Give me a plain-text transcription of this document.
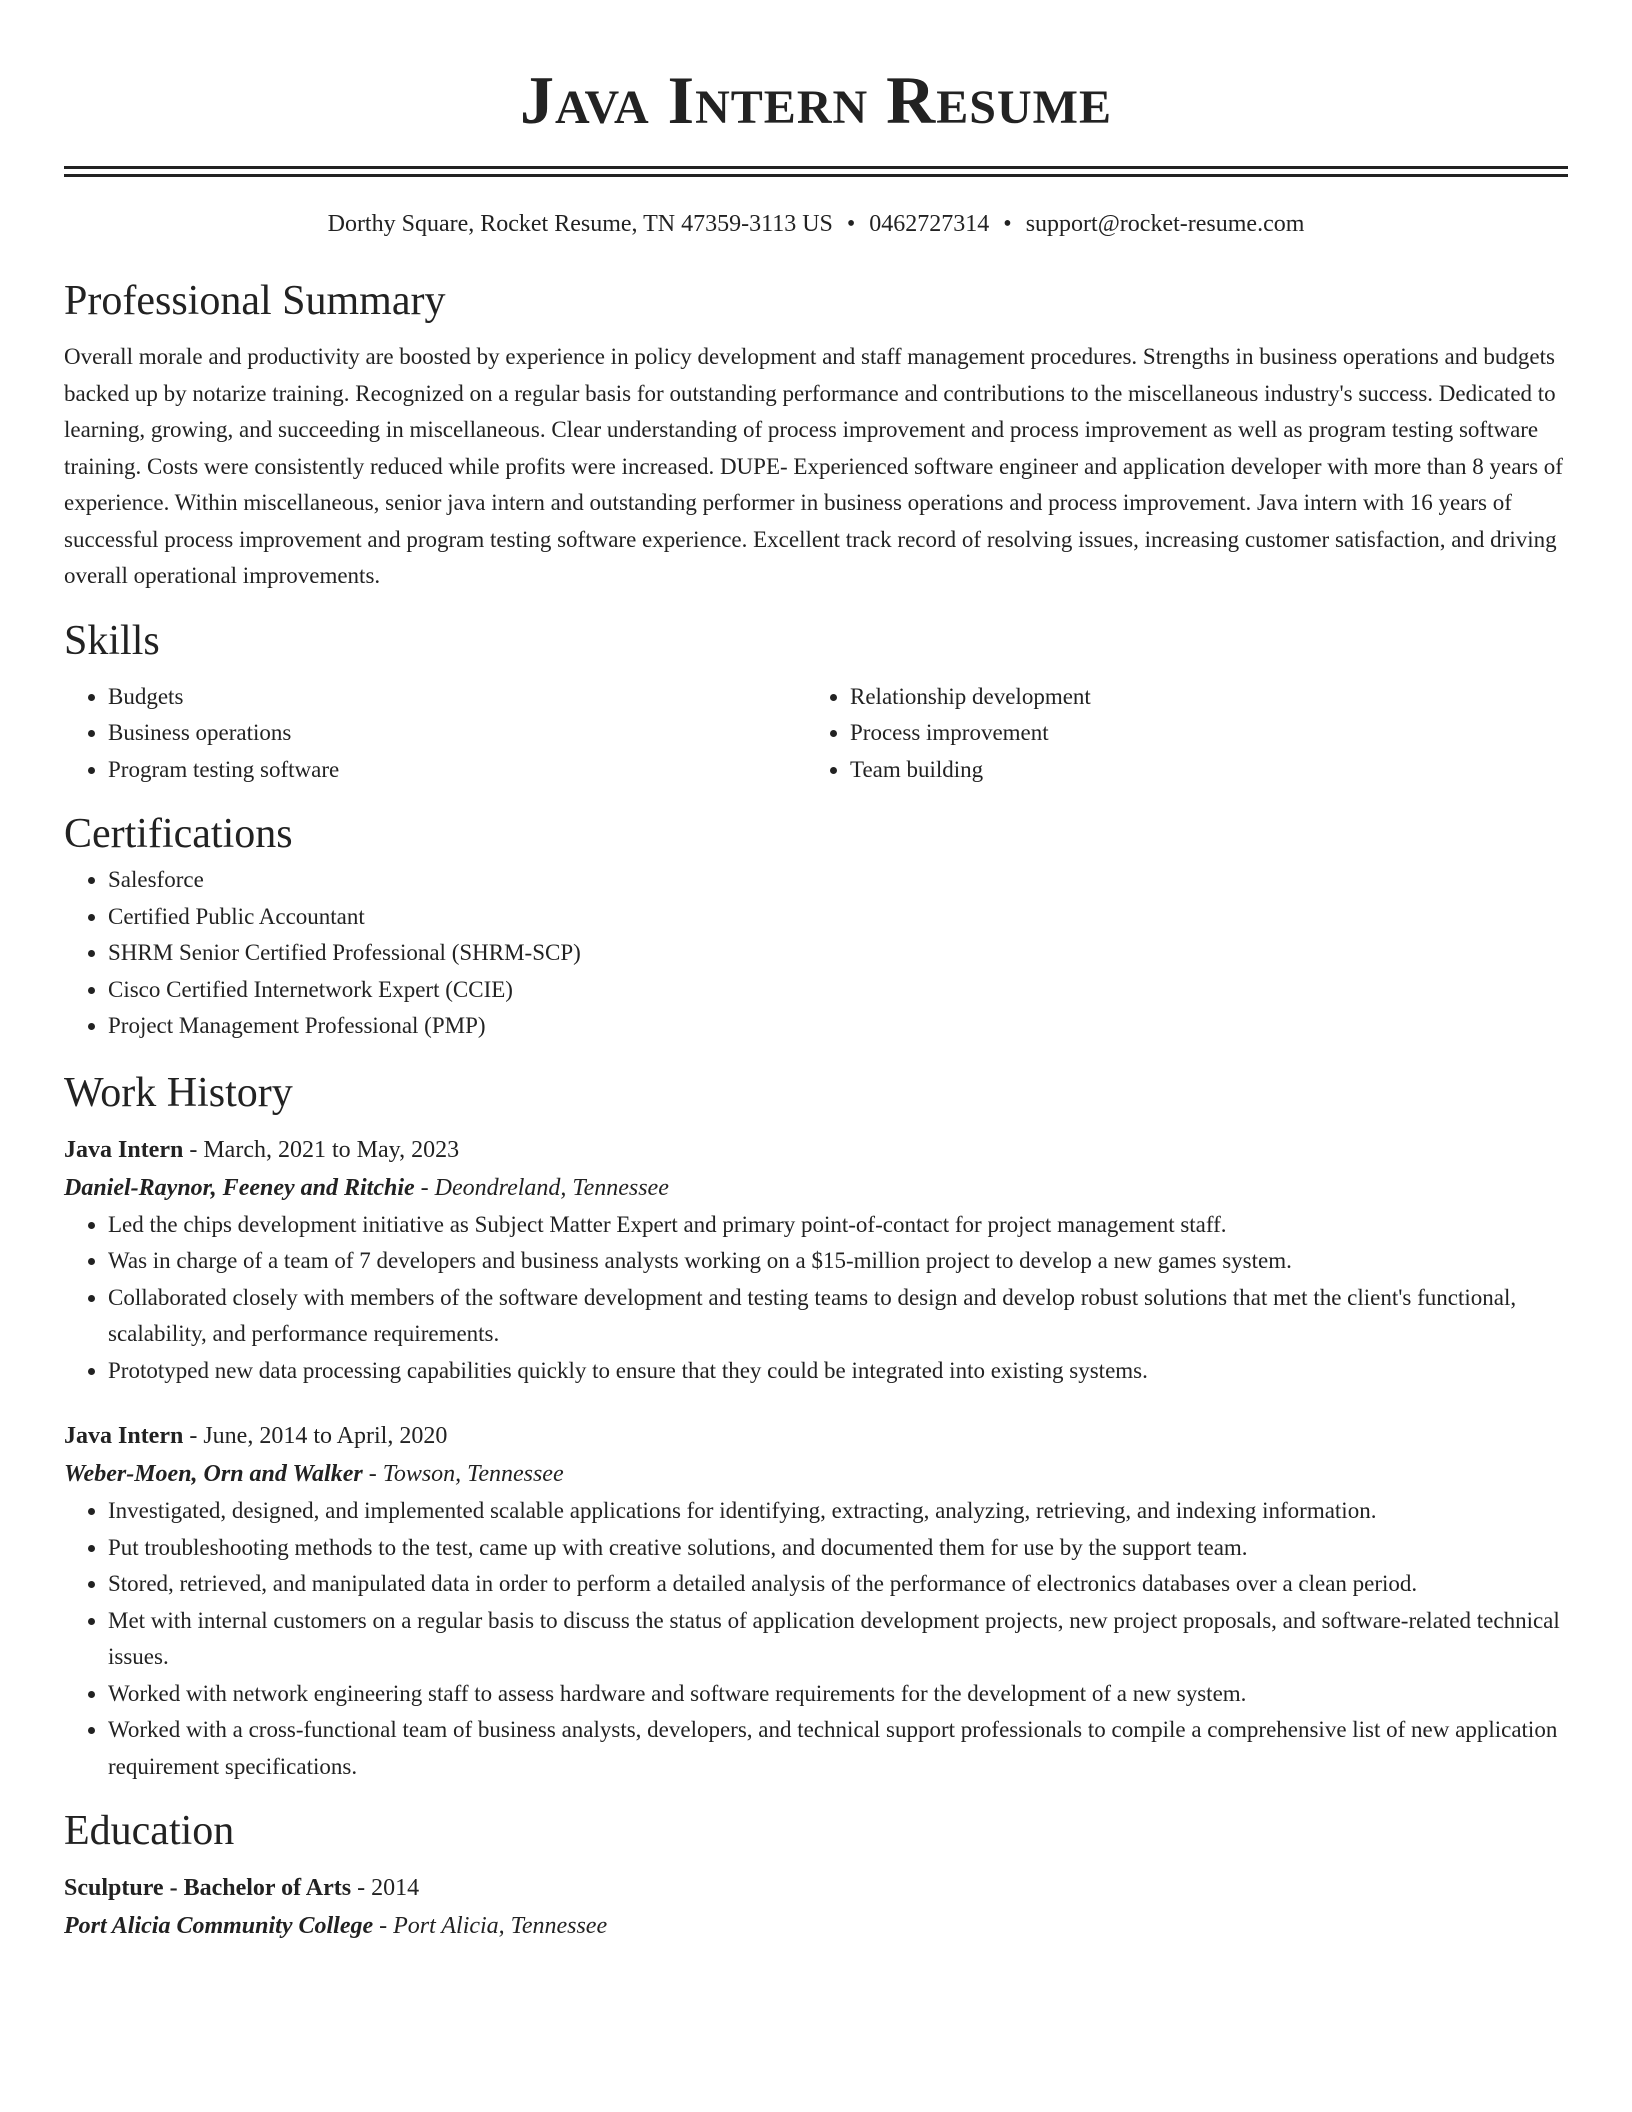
Java Intern Resume
Dorthy Square, Rocket Resume, TN 47359-3113 US • 0462727314 • support@rocket-resume.com
Professional Summary

Overall morale and productivity are boosted by experience in policy development and staff management procedures. Strengths in business operations and budgets backed up by notarize training. Recognized on a regular basis for outstanding performance and contributions to the miscellaneous industry's success. Dedicated to learning, growing, and succeeding in miscellaneous. Clear understanding of process improvement and process improvement as well as program testing software training. Costs were consistently reduced while profits were increased. DUPE- Experienced software engineer and application developer with more than 8 years of experience. Within miscellaneous, senior java intern and outstanding performer in business operations and process improvement. Java intern with 16 years of successful process improvement and program testing software experience. Excellent track record of resolving issues, increasing customer satisfaction, and driving overall operational improvements.

Skills
• Budgets
• Business operations
• Program testing software
• Relationship development
• Process improvement
• Team building
Certifications
• Salesforce
• Certified Public Accountant
• SHRM Senior Certified Professional (SHRM-SCP)
• Cisco Certified Internetwork Expert (CCIE)
• Project Management Professional (PMP)
Work History
Java Intern - March, 2021 to May, 2023
Daniel-Raynor, Feeney and Ritchie - Deondreland, Tennessee
• Led the chips development initiative as Subject Matter Expert and primary point-of-contact for project management staff.
• Was in charge of a team of 7 developers and business analysts working on a $15-million project to develop a new games system.
• Collaborated closely with members of the software development and testing teams to design and develop robust solutions that met the client's functional, scalability, and performance requirements.
• Prototyped new data processing capabilities quickly to ensure that they could be integrated into existing systems.
Java Intern - June, 2014 to April, 2020
Weber-Moen, Orn and Walker - Towson, Tennessee
• Investigated, designed, and implemented scalable applications for identifying, extracting, analyzing, retrieving, and indexing information.
• Put troubleshooting methods to the test, came up with creative solutions, and documented them for use by the support team.
• Stored, retrieved, and manipulated data in order to perform a detailed analysis of the performance of electronics databases over a clean period.
• Met with internal customers on a regular basis to discuss the status of application development projects, new project proposals, and software-related technical issues.
• Worked with network engineering staff to assess hardware and software requirements for the development of a new system.
• Worked with a cross-functional team of business analysts, developers, and technical support professionals to compile a comprehensive list of new application requirement specifications.
Education
Sculpture - Bachelor of Arts - 2014
Port Alicia Community College - Port Alicia, Tennessee
